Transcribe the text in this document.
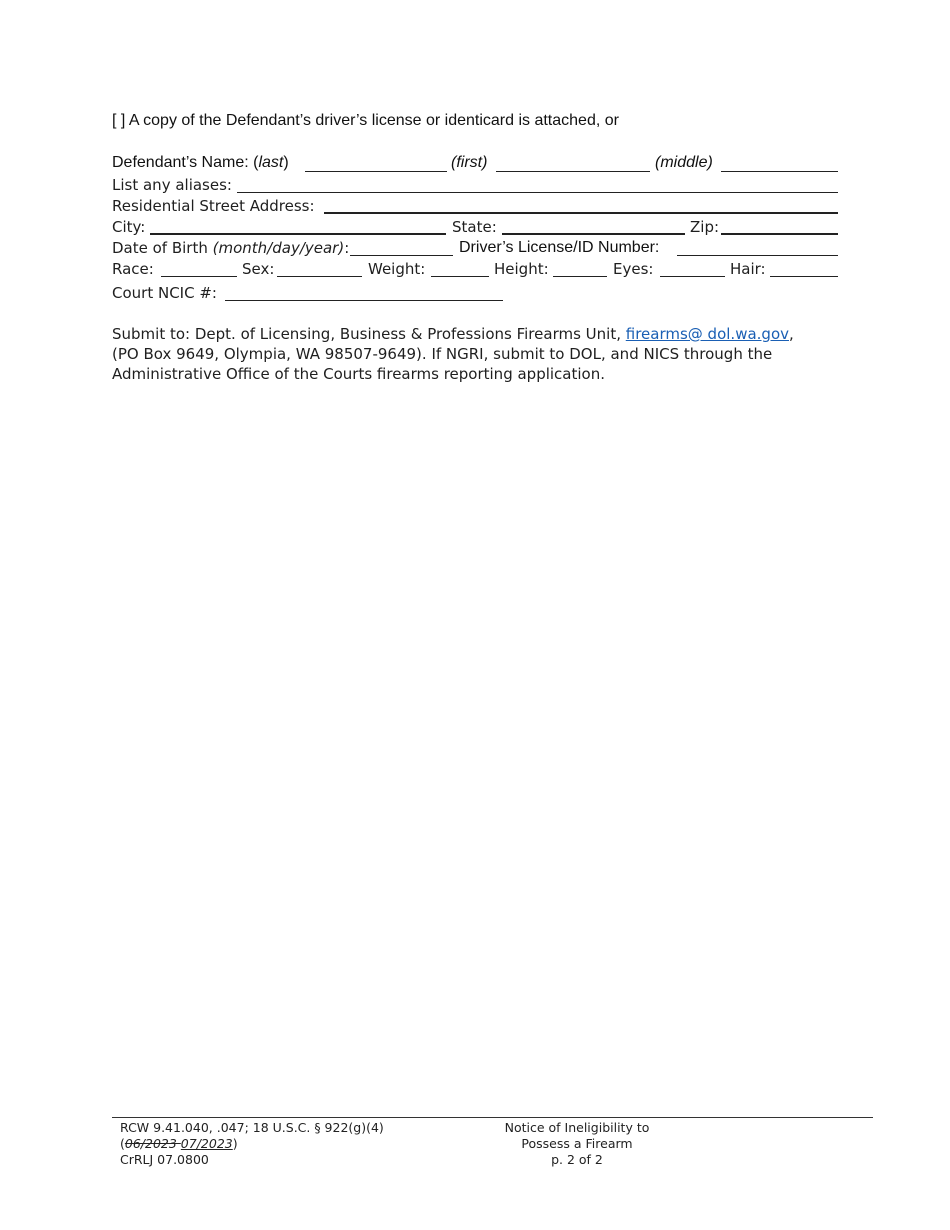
[ ] A copy of the Defendant’s driver’s license or identicard is attached, or
Defendant’s Name: (last)	(first)	(middle)
List any aliases:
Residential Street Address:
City:	State:	Zip:
Date of Birth (month/day/year):	Driver’s License/ID Number:
Race:	Sex:	Weight:	Height:	Eyes:	Hair:
Court NCIC #:
Submit to: Dept. of Licensing, Business & Professions Firearms Unit, firearms@ dol.wa.gov,
(PO Box 9649, Olympia, WA 98507-9649). If NGRI, submit to DOL, and NICS through the
Administrative Office of the Courts firearms reporting application.
RCW 9.41.040, .047; 18 U.S.C. § 922(g)(4)
(06/2023 07/2023)
CrRLJ 07.0800
Notice of Ineligibility to
Possess a Firearm
p. 2 of 2
